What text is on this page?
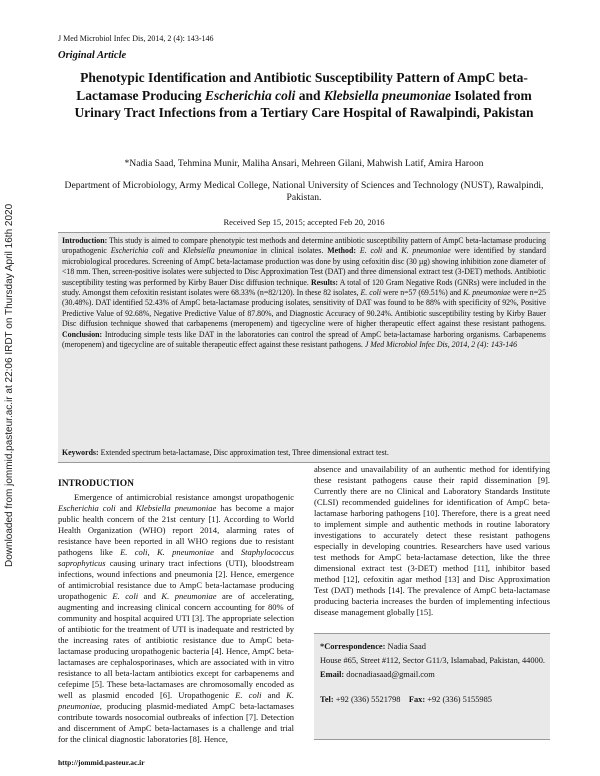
Downloaded from jommid.pasteur.ac.ir at 22:06 IRDT on Thursday April 16th 2020
J Med Microbiol Infec Dis, 2014, 2 (4): 143-146
Original Article
Phenotypic Identification and Antibiotic Susceptibility Pattern of AmpC beta-Lactamase Producing Escherichia coli and Klebsiella pneumoniae Isolated from Urinary Tract Infections from a Tertiary Care Hospital of Rawalpindi, Pakistan
*Nadia Saad, Tehmina Munir, Maliha Ansari, Mehreen Gilani, Mahwish Latif, Amira Haroon
Department of Microbiology, Army Medical College, National University of Sciences and Technology (NUST), Rawalpindi, Pakistan.
Received Sep 15, 2015; accepted Feb 20, 2016
Introduction: This study is aimed to compare phenotypic test methods and determine antibiotic susceptibility pattern of AmpC beta-lactamase producing uropathogenic Escherichia coli and Klebsiella pneumoniae in clinical isolates. Method: E. coli and K. pneumoniae were identified by standard microbiological procedures. Screening of AmpC beta-lactamase production was done by using cefoxitin disc (30 µg) showing inhibition zone diameter of <18 mm. Then, screen-positive isolates were subjected to Disc Approximation Test (DAT) and three dimensional extract test (3-DET) methods. Antibiotic susceptibility testing was performed by Kirby Bauer Disc diffusion technique. Results: A total of 120 Gram Negative Rods (GNRs) were included in the study. Amongst them cefoxitin resistant isolates were 68.33% (n=82/120). In these 82 isolates, E. coli were n=57 (69.51%) and K. pneumoniae were n=25 (30.48%). DAT identified 52.43% of AmpC beta-lactamase producing isolates, sensitivity of DAT was found to be 88% with specificity of 92%, Positive Predictive Value of 92.68%, Negative Predictive Value of 87.80%, and Diagnostic Accuracy of 90.24%. Antibiotic susceptibility testing by Kirby Bauer Disc diffusion technique showed that carbapenems (meropenem) and tigecycline were of higher therapeutic effect against these resistant pathogens. Conclusion: Introducing simple tests like DAT in the laboratories can control the spread of AmpC beta-lactamase harboring organisms. Carbapenems (meropenem) and tigecycline are of suitable therapeutic effect against these resistant pathogens. J Med Microbiol Infec Dis, 2014, 2 (4): 143-146
Keywords: Extended spectrum beta-lactamase, Disc approximation test, Three dimensional extract test.
INTRODUCTION

Emergence of antimicrobial resistance amongst uropathogenic Escherichia coli and Klebsiella pneumoniae has become a major public health concern of the 21st century [1]. According to World Health Organization (WHO) report 2014, alarming rates of resistance have been reported in all WHO regions due to resistant pathogens like E. coli, K. pneumoniae and Staphylococcus saprophyticus causing urinary tract infections (UTI), bloodstream infections, wound infections and pneumonia [2]. Hence, emergence of antimicrobial resistance due to AmpC beta-lactamase producing uropathogenic E. coli and K. pneumoniae are of accelerating, augmenting and increasing clinical concern accounting for 80% of community and hospital acquired UTI [3]. The appropriate selection of antibiotic for the treatment of UTI is inadequate and restricted by the increasing rates of antibiotic resistance due to AmpC beta-lactamase producing uropathogenic bacteria [4]. Hence, AmpC beta-lactamases are cephalosporinases, which are associated with in vitro resistance to all beta-lactam antibiotics except for carbapenems and cefepime [5]. These beta-lactamases are chromosomally encoded as well as plasmid encoded [6]. Uropathogenic E. coli and K. pneumoniae, producing plasmid-mediated AmpC beta-lactamases contribute towards nosocomial outbreaks of infection [7]. Detection and discernment of AmpC beta-lactamases is a challenge and trial for the clinical diagnostic laboratories [8]. Hence,

absence and unavailability of an authentic method for identifying these resistant pathogens cause their rapid dissemination [9]. Currently there are no Clinical and Laboratory Standards Institute (CLSI) recommended guidelines for identification of AmpC beta-lactamase harboring pathogens [10]. Therefore, there is a great need to implement simple and authentic methods in routine laboratory investigations to accurately detect these resistant pathogens especially in developing countries. Researchers have used various test methods for AmpC beta-lactamase detection, like the three dimensional extract test (3-DET) method [11], inhibitor based method [12], cefoxitin agar method [13] and Disc Approximation Test (DAT) methods [14]. The prevalence of AmpC beta-lactamase producing bacteria increases the burden of implementing infectious disease management globally [15].

*Correspondence: Nadia Saad
House #65, Street #112, Sector G11/3, Islamabad, Pakistan, 44000.
Email: docnadiasaad@gmail.com
Tel: +92 (336) 5521798 Fax: +92 (336) 5155985
http://jommid.pasteur.ac.ir
